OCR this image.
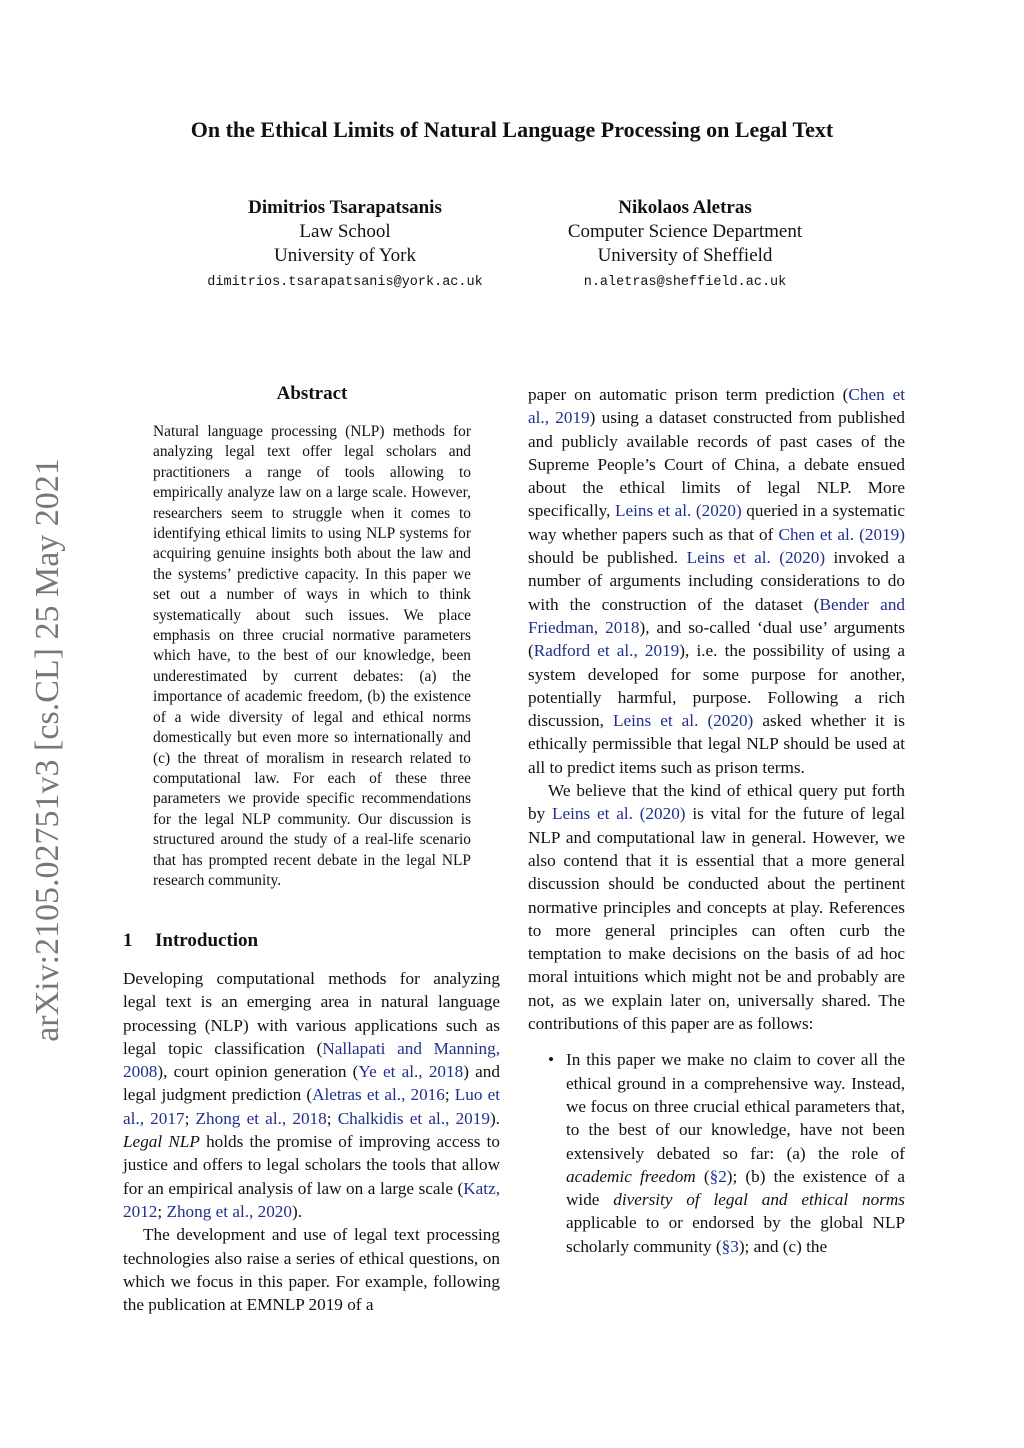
On the Ethical Limits of Natural Language Processing on Legal Text
Dimitrios Tsarapatsanis
Law School
University of York
dimitrios.tsarapatsanis@york.ac.uk
Nikolaos Aletras
Computer Science Department
University of Sheffield
n.aletras@sheffield.ac.uk
arXiv:2105.02751v3 [cs.CL] 25 May 2021
Abstract

Natural language processing (NLP) methods for analyzing legal text offer legal scholars and practitioners a range of tools allowing to empirically analyze law on a large scale. However, researchers seem to struggle when it comes to identifying ethical limits to using NLP systems for acquiring genuine insights both about the law and the systems’ predictive capacity. In this paper we set out a number of ways in which to think systematically about such issues. We place emphasis on three crucial normative parameters which have, to the best of our knowledge, been underestimated by current debates: (a) the importance of academic freedom, (b) the existence of a wide diversity of legal and ethical norms domestically but even more so internationally and (c) the threat of moralism in research related to computational law. For each of these three parameters we provide specific recommendations for the legal NLP community. Our discussion is structured around the study of a real-life scenario that has prompted recent debate in the legal NLP research community.

1 Introduction

Developing computational methods for analyzing legal text is an emerging area in natural language processing (NLP) with various applications such as legal topic classification (Nallapati and Manning, 2008), court opinion generation (Ye et al., 2018) and legal judgment prediction (Aletras et al., 2016; Luo et al., 2017; Zhong et al., 2018; Chalkidis et al., 2019). Legal NLP holds the promise of improving access to justice and offers to legal scholars the tools that allow for an empirical analysis of law on a large scale (Katz, 2012; Zhong et al., 2020).

The development and use of legal text processing technologies also raise a series of ethical questions, on which we focus in this paper. For example, following the publication at EMNLP 2019 of a

paper on automatic prison term prediction (Chen et al., 2019) using a dataset constructed from published and publicly available records of past cases of the Supreme People’s Court of China, a debate ensued about the ethical limits of legal NLP. More specifically, Leins et al. (2020) queried in a systematic way whether papers such as that of Chen et al. (2019) should be published. Leins et al. (2020) invoked a number of arguments including considerations to do with the construction of the dataset (Bender and Friedman, 2018), and so-called ‘dual use’ arguments (Radford et al., 2019), i.e. the possibility of using a system developed for some purpose for another, potentially harmful, purpose. Following a rich discussion, Leins et al. (2020) asked whether it is ethically permissible that legal NLP should be used at all to predict items such as prison terms.

We believe that the kind of ethical query put forth by Leins et al. (2020) is vital for the future of legal NLP and computational law in general. However, we also contend that it is essential that a more general discussion should be conducted about the pertinent normative principles and concepts at play. References to more general principles can often curb the temptation to make decisions on the basis of ad hoc moral intuitions which might not be and probably are not, as we explain later on, universally shared. The contributions of this paper are as follows:

• In this paper we make no claim to cover all the ethical ground in a comprehensive way. Instead, we focus on three crucial ethical parameters that, to the best of our knowledge, have not been extensively debated so far: (a) the role of academic freedom (§2); (b) the existence of a wide diversity of legal and ethical norms applicable to or endorsed by the global NLP scholarly community (§3); and (c) the
